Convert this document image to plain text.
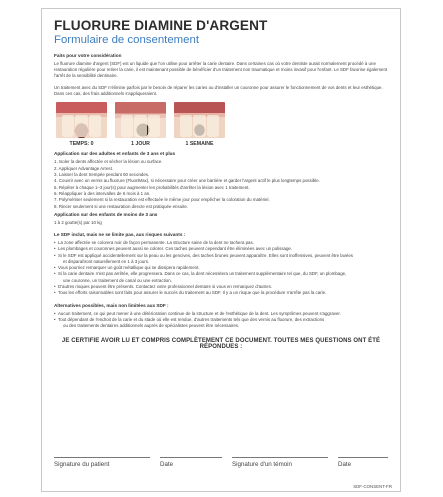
FLUORURE DIAMINE D'ARGENT
Formulaire de consentement
Faits pour votre considération
Le fluorure diamine d'argent (SDF) est un liquide que l'on utilise pour arrêter la carie dentaire. Dans certaines cas où votre dentiste aurait normalement procédé à une restauration régulière pour retirer la carie, il est maintenant possible de bénéficier d'un traitement non traumatique et moins invasif pour l'enfant. Le SDF favorise également l'arrêt de la sensibilité dentinaire.
Un traitement avec du SDF n'élimine parfois par le besoin de réparer les caries ou d'installer un couronne pour assurer le fonctionnement de vos dents et leur esthétique. Dans ces cas, des frais additionnels s'appliqueraient.
TEMPS: 0	1 JOUR	1 SEMAINE
Application sur des adultes et enfants de 3 ans et plus
1. Isoler la dents affectée et sécher la lésion ou surface.
2. Appliquer Advantage Arrest.
3. Laisser la dent trempée pendant 60 secondes.
4. Couvrir avec un vernis au fluorure (FluoriMax), si nécessaire pour créer une barrière et garder l'argent actif le plus longtemps possible.
5. Répéter à chaque 1–3 jour(s) pour augmenter les probabilités d'arrêter la lésion avec 1 traitement.
6. Réappliquer à des intervalles de 6 mois à 1 an.
7. Polymériser seulement si la restauration est effectuée le même jour pour empêcher la coloration du matériel.
8. Rincer seulement si une restauration directe est pratiquée ensuite.
Application sur des enfants de moins de 3 ans
1 à 2 goutte(s) par 10 kg
Le SDF inclut, mais ne se limite pas, aux risques suivants :
• La zone affectée se colorera noir de façon permanente. La structure saine de la dent ne tachera pas.
• Les plombages et couronnes peuvent aussi se colorer. Ces taches peuvent cependant être éliminées avec un polissage.
• Si le SDF est appliqué accidentellement sur la peau ou les gencives, des taches brunes peuvent apparaître. Elles sont inoffensives, peuvent être lavées
et disparaîtront naturellement en 1 à 3 jours.
• Vous pourriez remarquer un goût métallique qui se dissipera rapidement.
• Si la carie dentaire n'est pas arrêtée, elle progressera. Dans ce cas, la dent nécessitera un traitement supplémentaire tel que, du SDF, un plombage,
une couronne, un traitement de canal ou une extraction.
• D'autres risques peuvent être présents. Contactez votre professionnel dentaire si vous en remarquez d'autres.
• Tous les efforts raisonnables sont faits pour assurer le succès du traitement au SDF. Il y a un risque que la procédure n'arrête pas la carie.
Alternatives possibles, mais non limitées aux SDF :
• Aucun traitement, ce qui peut mener à une détérioration continue de la structure et de l'esthétique de la dent. Les symptômes peuvent s'aggraver.
• Tout dépendant de l'endroit de la carie et du stade où elle est rendue, d'autres traitements tels que des vernis au fluorure, des extractions
ou des traitements dentaires additionnels auprès de spécialistes peuvent être nécessaires.
JE CERTIFIE AVOIR LU ET COMPRIS COMPLÈTEMENT CE DOCUMENT. TOUTES MES QUESTIONS ONT ÉTÉ RÉPONDUES :
Signature du patient	Date	Signature d'un témoin	Date
SDF-CONSENT-FR
